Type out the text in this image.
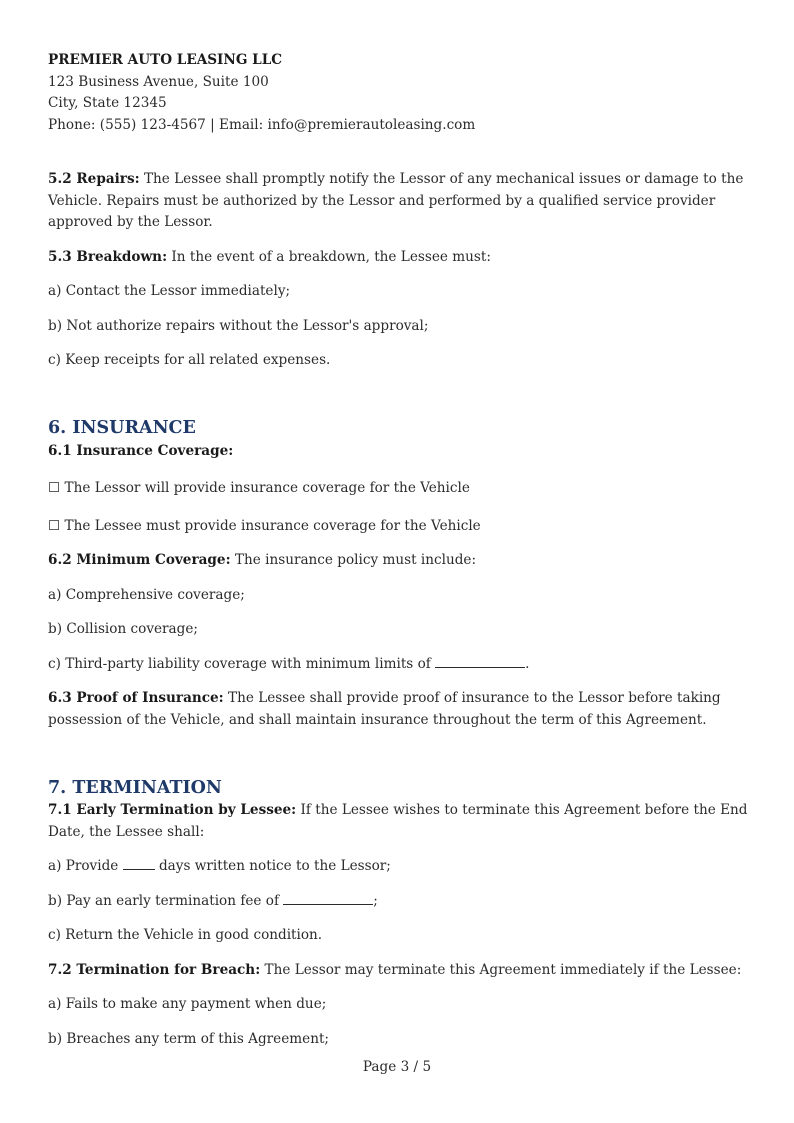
PREMIER AUTO LEASING LLC

123 Business Avenue, Suite 100

City, State 12345

Phone: (555) 123-4567 | Email: info@premierautoleasing.com

5.2 Repairs: The Lessee shall promptly notify the Lessor of any mechanical issues or damage to the Vehicle. Repairs must be authorized by the Lessor and performed by a qualified service provider approved by the Lessor.

5.3 Breakdown: In the event of a breakdown, the Lessee must:

a) Contact the Lessor immediately;

b) Not authorize repairs without the Lessor's approval;

c) Keep receipts for all related expenses.

6. INSURANCE

6.1 Insurance Coverage:

☐ The Lessor will provide insurance coverage for the Vehicle

☐ The Lessee must provide insurance coverage for the Vehicle

6.2 Minimum Coverage: The insurance policy must include:

a) Comprehensive coverage;

b) Collision coverage;

c) Third-party liability coverage with minimum limits of	.

6.3 Proof of Insurance: The Lessee shall provide proof of insurance to the Lessor before taking possession of the Vehicle, and shall maintain insurance throughout the term of this Agreement.

7. TERMINATION

7.1 Early Termination by Lessee: If the Lessee wishes to terminate this Agreement before the End Date, the Lessee shall:

a) Provide  days written notice to the Lessor;

b) Pay an early termination fee of	;

c) Return the Vehicle in good condition.

7.2 Termination for Breach: The Lessor may terminate this Agreement immediately if the Lessee:

a) Fails to make any payment when due;

b) Breaches any term of this Agreement;

Page 3 / 5
